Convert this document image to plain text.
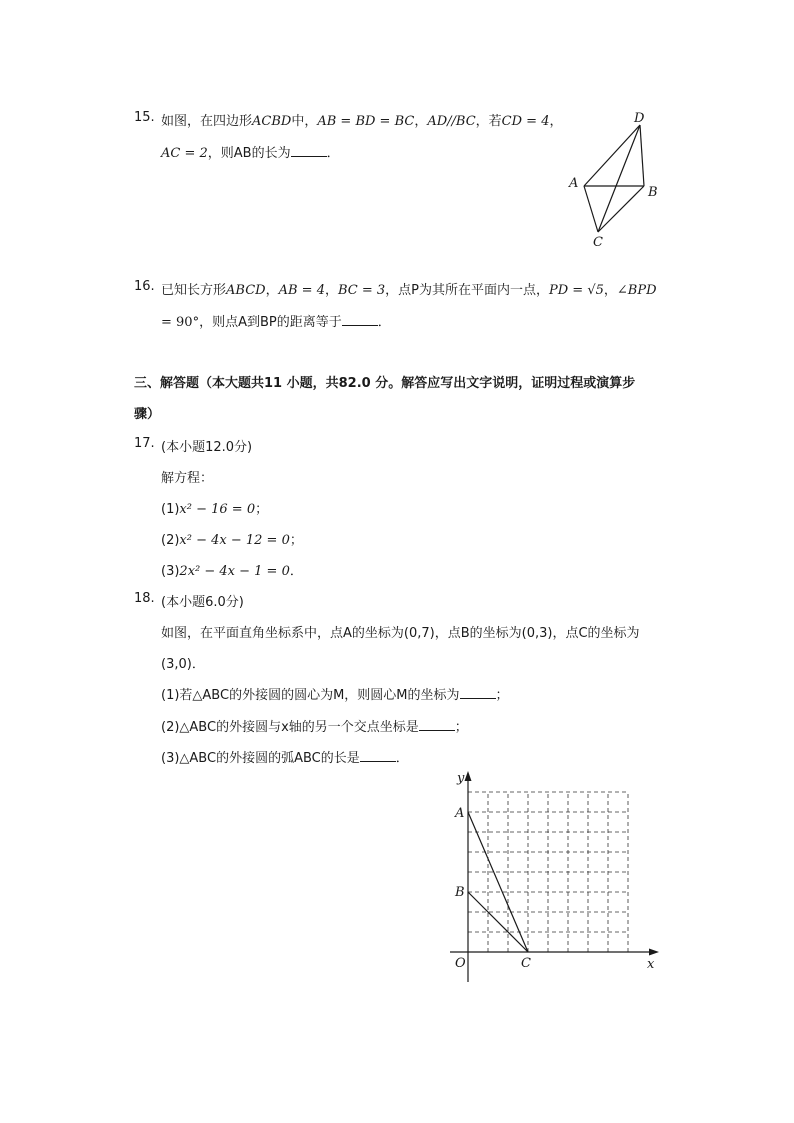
15. 如图，在四边形ACBD中，AB = BD = BC，AD//BC，若CD = 4，
AC = 2，则AB的长为	．
D
A
B
C
16. 已知长方形ABCD，AB = 4，BC = 3，点P为其所在平面内一点，PD = √5，∠BPD
= 90°，则点A到BP的距离等于	．
三、解答题（本大题共11 小题，共82.0 分。解答应写出文字说明，证明过程或演算步
骤）
17. (本小题12.0分)
解方程：
(1)x² − 16 = 0；
(2)x² − 4x − 12 = 0；
(3)2x² − 4x − 1 = 0．
18. (本小题6.0分)
如图，在平面直角坐标系中，点A的坐标为(0,7)，点B的坐标为(0,3)，点C的坐标为
(3,0)．
(1)若△ABC的外接圆的圆心为M，则圆心M的坐标为	；
(2)△ABC的外接圆与x轴的另一个交点坐标是	；
(3)△ABC的外接圆的弧ABC的长是	．
y
x
O
A
B
C
